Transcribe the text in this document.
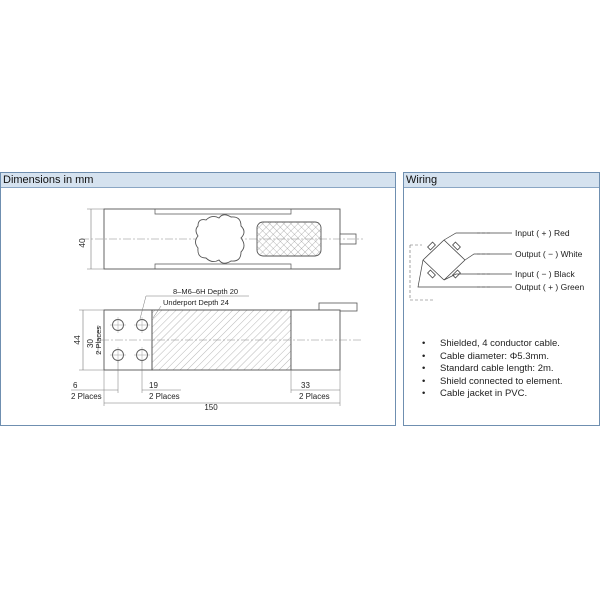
Dimensions in mm
40
8–M6–6H Depth 20
Underport Depth 24
44 30 2 Places
6
2 Places
19
2 Places
33
2 Places
150
Wiring
Input ( + ) Red
Output ( − ) White
Input ( − ) Black
Output ( + ) Green
• Shielded, 4 conductor cable.
• Cable diameter: Φ5.3mm.
• Standard cable length: 2m.
• Shield connected to element.
• Cable jacket in PVC.
